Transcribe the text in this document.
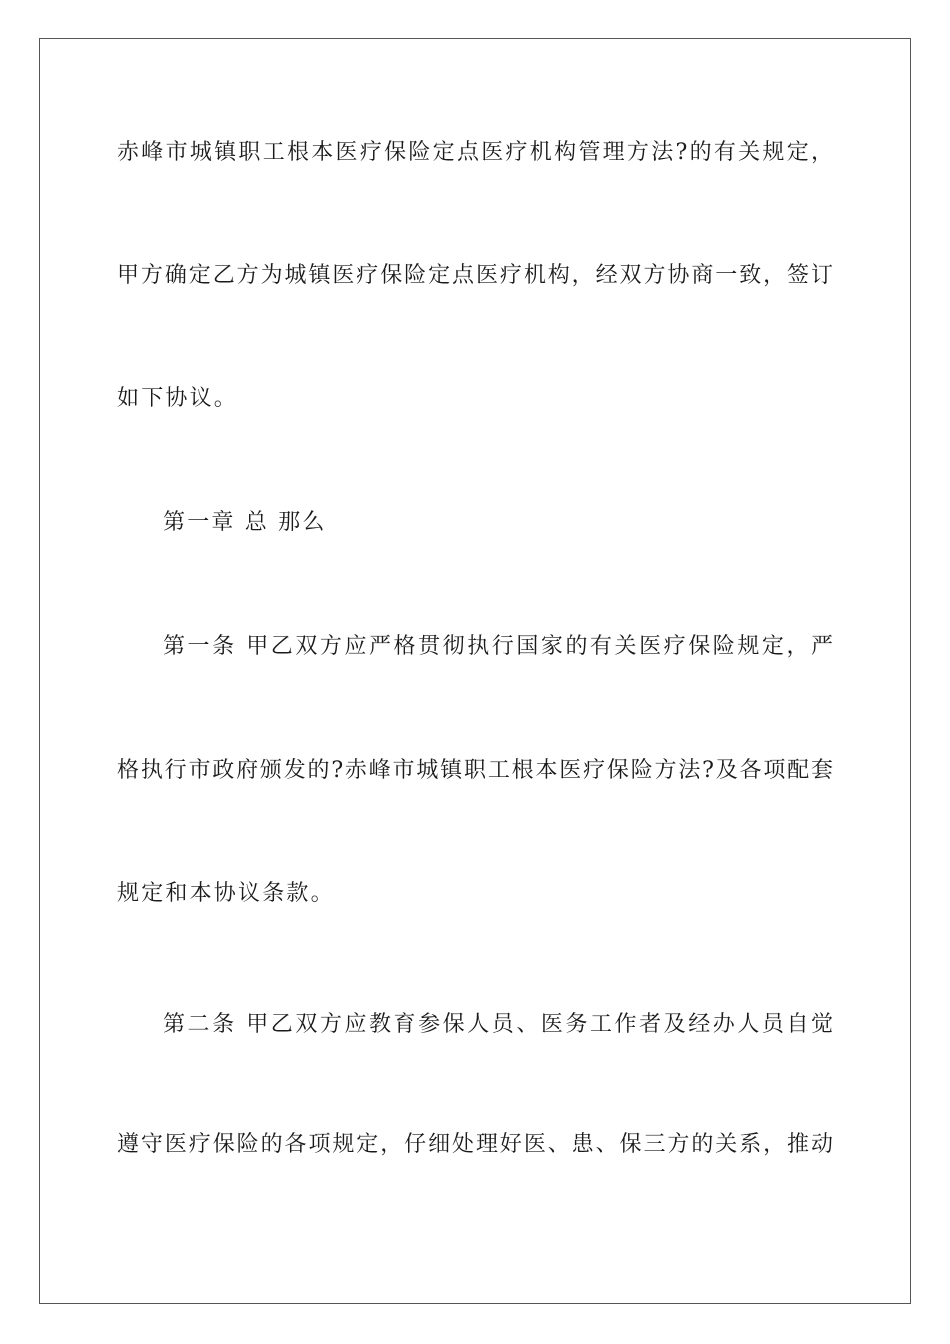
赤峰市城镇职工根本医疗保险定点医疗机构管理方法?的有关规定，
甲方确定乙方为城镇医疗保险定点医疗机构，经双方协商一致，签订
如下协议。
第一章 总 那么
第一条 甲乙双方应严格贯彻执行国家的有关医疗保险规定，严
格执行市政府颁发的?赤峰市城镇职工根本医疗保险方法?及各项配套
规定和本协议条款。
第二条 甲乙双方应教育参保人员、医务工作者及经办人员自觉
遵守医疗保险的各项规定，仔细处理好医、患、保三方的关系，推动
